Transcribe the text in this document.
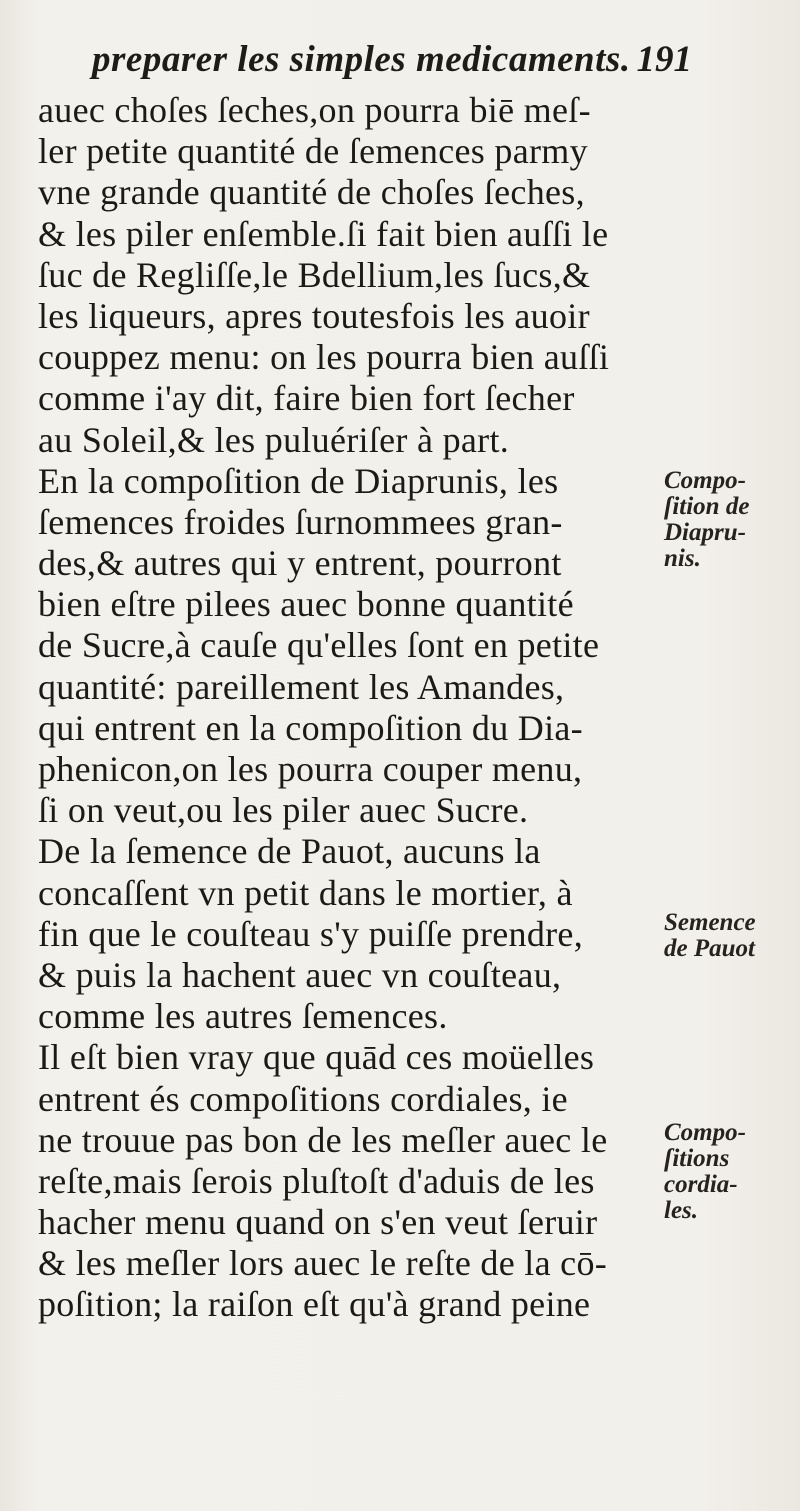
preparer les simples medicaments. 191
auec choſes ſeches,on pourra biē meſ-
ler petite quantité de ſemences parmy
vne grande quantité de choſes ſeches,
& les piler enſemble.ſi fait bien auſſi le
ſuc de Regliſſe,le Bdellium,les ſucs,&
les liqueurs, apres toutesfois les auoir
couppez menu: on les pourra bien auſſi
comme i'ay dit, faire bien fort ſecher
au Soleil,& les puluériſer à part.
En la compoſition de Diaprunis, les
ſemences froides ſurnommees gran-
des,& autres qui y entrent, pourront
bien eſtre pilees auec bonne quantité
de Sucre,à cauſe qu'elles ſont en petite
quantité: pareillement les Amandes,
qui entrent en la compoſition du Dia-
phenicon,on les pourra couper menu,
ſi on veut,ou les piler auec Sucre.
De la ſemence de Pauot, aucuns la
concaſſent vn petit dans le mortier, à
fin que le couſteau s'y puiſſe prendre,
& puis la hachent auec vn couſteau,
comme les autres ſemences.
Il eſt bien vray que quād ces moüelles
entrent és compoſitions cordiales, ie
ne trouue pas bon de les meſler auec le
reſte,mais ſerois pluſtoſt d'aduis de les
hacher menu quand on s'en veut ſeruir
& les meſler lors auec le reſte de la cō-
poſition; la raiſon eſt qu'à grand peine
Compo-
ſition de
Diapru-
nis.
Semence
de Pauot
Compo-
ſitions
cordia-
les.
